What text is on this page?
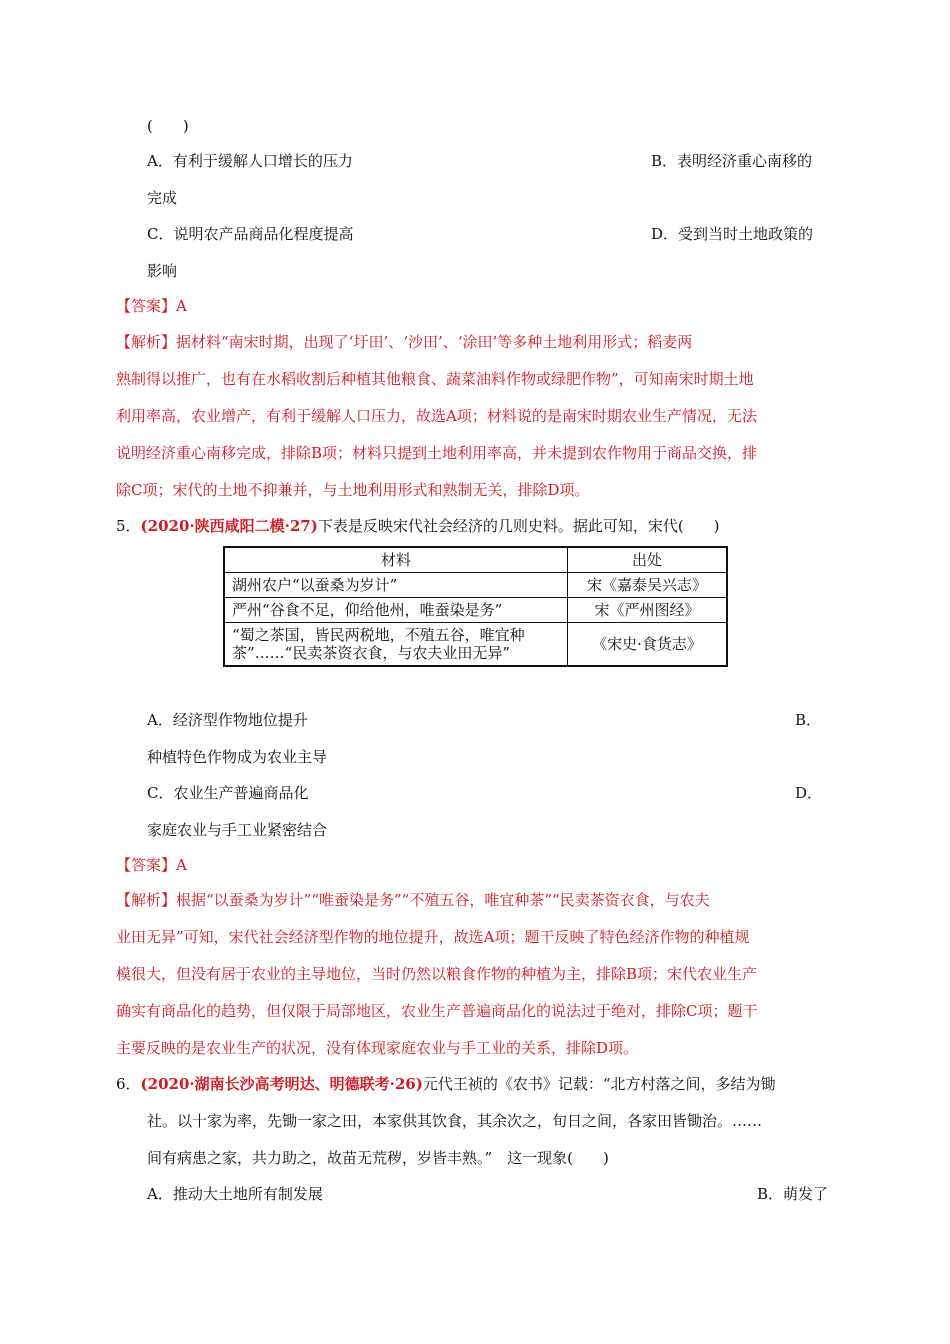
(　　)
A．有利于缓解人口增长的压力	B．表明经济重心南移的
完成
C．说明农产品商品化程度提高	D．受到当时土地政策的
影响
【答案】A
【解析】据材料“南宋时期，出现了‘圩田’、‘沙田’、‘涂田’等多种土地利用形式；稻麦两
熟制得以推广，也有在水稻收割后种植其他粮食、蔬菜油料作物或绿肥作物”，可知南宋时期土地
利用率高，农业增产，有利于缓解人口压力，故选A项；材料说的是南宋时期农业生产情况，无法
说明经济重心南移完成，排除B项；材料只提到土地利用率高，并未提到农作物用于商品交换，排
除C项；宋代的土地不抑兼并，与土地利用形式和熟制无关，排除D项。
5．(2020·陕西咸阳二模·27)下表是反映宋代社会经济的几则史料。据此可知，宋代(　　)
材料	出处
湖州农户“以蚕桑为岁计”	宋《嘉泰吴兴志》
严州“谷食不足，仰给他州，唯蚕染是务”	宋《严州图经》
“蜀之茶国，皆民两税地，不殖五谷，唯宜种茶”……“民卖茶资衣食，与农夫业田无异”	《宋史·食货志》
A．经济型作物地位提升	B．
种植特色作物成为农业主导
C．农业生产普遍商品化	D．
家庭农业与手工业紧密结合
【答案】A
【解析】根据“以蚕桑为岁计”“唯蚕染是务”“不殖五谷，唯宜种茶”“民卖茶资衣食，与农夫
业田无异”可知，宋代社会经济型作物的地位提升，故选A项；题干反映了特色经济作物的种植规
模很大，但没有居于农业的主导地位，当时仍然以粮食作物的种植为主，排除B项；宋代农业生产
确实有商品化的趋势，但仅限于局部地区，农业生产普遍商品化的说法过于绝对，排除C项；题干
主要反映的是农业生产的状况，没有体现家庭农业与手工业的关系，排除D项。
6．(2020·湖南长沙高考明达、明德联考·26)元代王祯的《农书》记载：“北方村落之间，多结为锄
社。以十家为率，先锄一家之田，本家供其饮食，其余次之，旬日之间，各家田皆锄治。……
间有病患之家，共力助之，故苗无荒秽，岁皆丰熟。”　这一现象(　　)
A．推动大土地所有制发展	B．萌发了
